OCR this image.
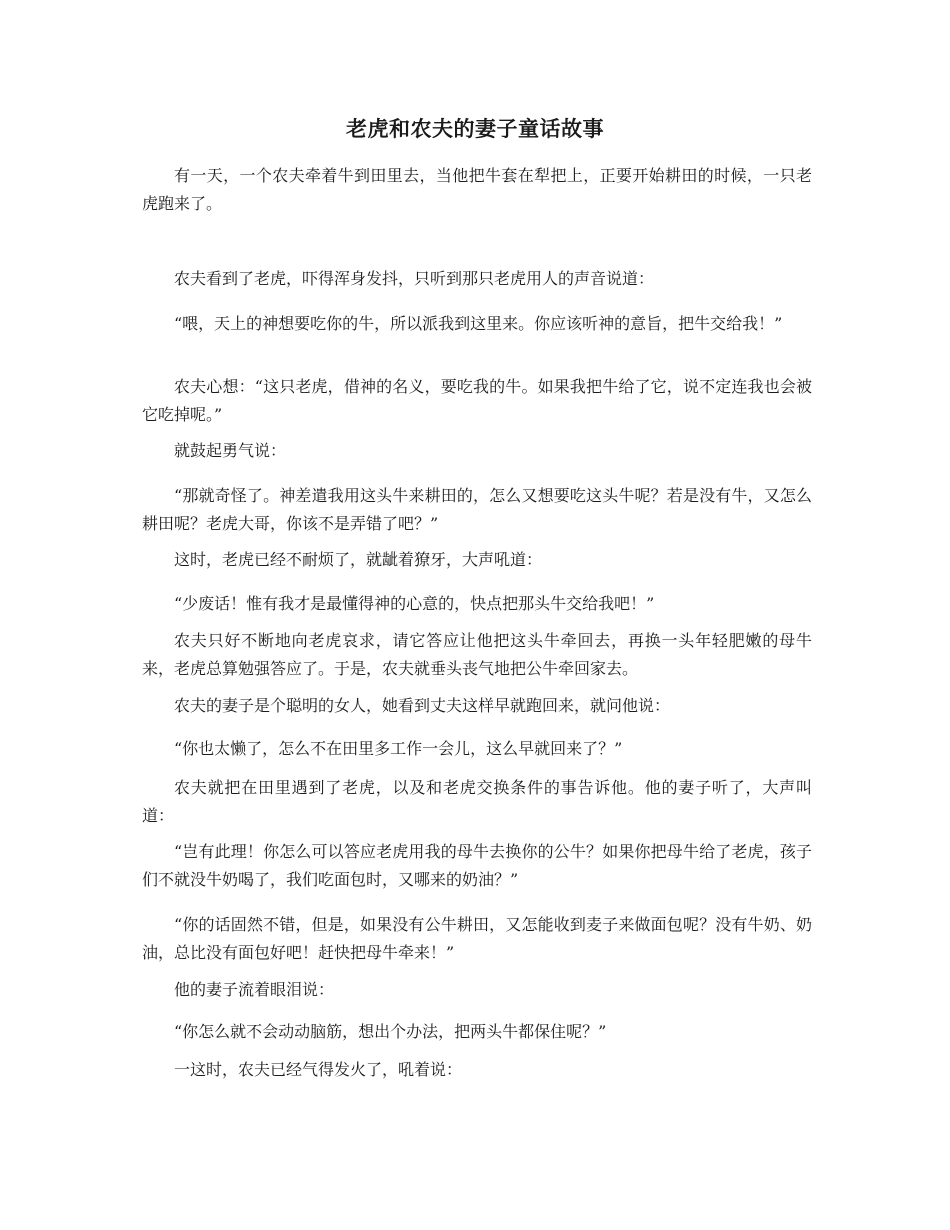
老虎和农夫的妻子童话故事

有一天，一个农夫牵着牛到田里去，当他把牛套在犁把上，正要开始耕田的时候，一只老虎跑来了。

农夫看到了老虎，吓得浑身发抖，只听到那只老虎用人的声音说道：

“喂，天上的神想要吃你的牛，所以派我到这里来。你应该听神的意旨，把牛交给我！”

农夫心想：“这只老虎，借神的名义，要吃我的牛。如果我把牛给了它，说不定连我也会被它吃掉呢。”

就鼓起勇气说：

“那就奇怪了。神差遣我用这头牛来耕田的，怎么又想要吃这头牛呢？若是没有牛，又怎么耕田呢？老虎大哥，你该不是弄错了吧？”

这时，老虎已经不耐烦了，就龇着獠牙，大声吼道：

“少废话！惟有我才是最懂得神的心意的，快点把那头牛交给我吧！”

农夫只好不断地向老虎哀求，请它答应让他把这头牛牵回去，再换一头年轻肥嫩的母牛来，老虎总算勉强答应了。于是，农夫就垂头丧气地把公牛牵回家去。

农夫的妻子是个聪明的女人，她看到丈夫这样早就跑回来，就问他说：

“你也太懒了，怎么不在田里多工作一会儿，这么早就回来了？”

农夫就把在田里遇到了老虎，以及和老虎交换条件的事告诉他。他的妻子听了，大声叫道：

“岂有此理！你怎么可以答应老虎用我的母牛去换你的公牛？如果你把母牛给了老虎，孩子们不就没牛奶喝了，我们吃面包时，又哪来的奶油？”

“你的话固然不错，但是，如果没有公牛耕田，又怎能收到麦子来做面包呢？没有牛奶、奶油，总比没有面包好吧！赶快把母牛牵来！”

他的妻子流着眼泪说：

“你怎么就不会动动脑筋，想出个办法，把两头牛都保住呢？”

一这时，农夫已经气得发火了，吼着说：
